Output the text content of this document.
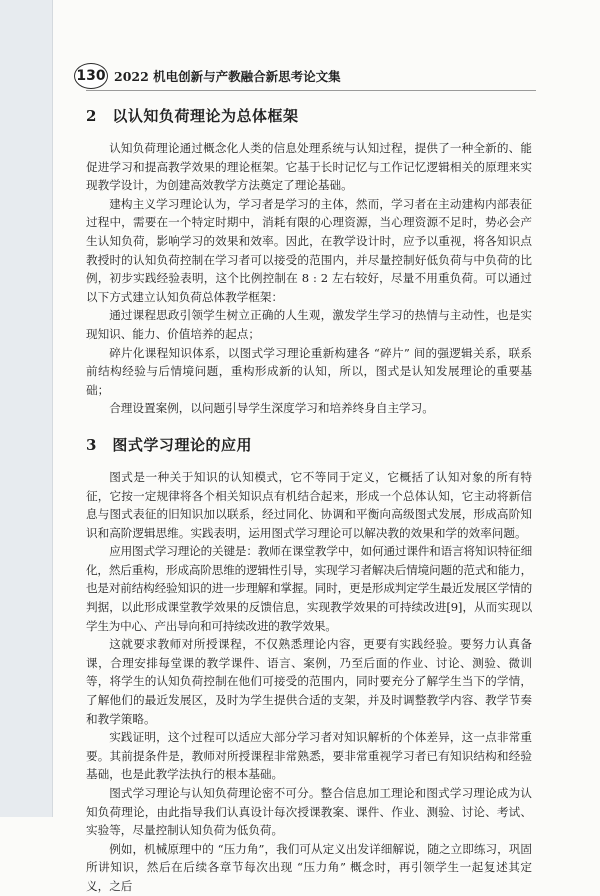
130 2022 机电创新与产教融合新思考论文集
2　以认知负荷理论为总体框架

认知负荷理论通过概念化人类的信息处理系统与认知过程，提供了一种全新的、能促进学习和提高教学效果的理论框架。它基于长时记忆与工作记忆逻辑相关的原理来实现教学设计，为创建高效教学方法奠定了理论基础。

建构主义学习理论认为，学习者是学习的主体，然而，学习者在主动建构内部表征过程中，需要在一个特定时期中，消耗有限的心理资源，当心理资源不足时，势必会产生认知负荷，影响学习的效果和效率。因此，在教学设计时，应予以重视，将各知识点教授时的认知负荷控制在学习者可以接受的范围内，并尽量控制好低负荷与中负荷的比例，初步实践经验表明，这个比例控制在 8 : 2 左右较好，尽量不用重负荷。可以通过以下方式建立认知负荷总体教学框架：

通过课程思政引领学生树立正确的人生观，激发学生学习的热情与主动性，也是实现知识、能力、价值培养的起点；

碎片化课程知识体系，以图式学习理论重新构建各 “碎片” 间的强逻辑关系，联系前结构经验与后情境问题，重构形成新的认知，所以，图式是认知发展理论的重要基础；

合理设置案例，以问题引导学生深度学习和培养终身自主学习。

3　图式学习理论的应用

图式是一种关于知识的认知模式，它不等同于定义，它概括了认知对象的所有特征，它按一定规律将各个相关知识点有机结合起来，形成一个总体认知，它主动将新信息与图式表征的旧知识加以联系，经过同化、协调和平衡向高级图式发展，形成高阶知识和高阶逻辑思维。实践表明，运用图式学习理论可以解决教的效果和学的效率问题。

应用图式学习理论的关键是：教师在课堂教学中，如何通过课件和语言将知识特征细化，然后重构，形成高阶思维的逻辑性引导，实现学习者解决后情境问题的范式和能力，也是对前结构经验知识的进一步理解和掌握。同时，更是形成判定学生最近发展区学情的判据，以此形成课堂教学效果的反馈信息，实现教学效果的可持续改进[9]，从而实现以学生为中心、产出导向和可持续改进的教学效果。

这就要求教师对所授课程，不仅熟悉理论内容，更要有实践经验。要努力认真备课，合理安排每堂课的教学课件、语言、案例，乃至后面的作业、讨论、测验、微训等，将学生的认知负荷控制在他们可接受的范围内，同时要充分了解学生当下的学情，了解他们的最近发展区，及时为学生提供合适的支架，并及时调整教学内容、教学节奏和教学策略。

实践证明，这个过程可以适应大部分学习者对知识解析的个体差异，这一点非常重要。其前提条件是，教师对所授课程非常熟悉，要非常重视学习者已有知识结构和经验基础，也是此教学法执行的根本基础。

图式学习理论与认知负荷理论密不可分。整合信息加工理论和图式学习理论成为认知负荷理论，由此指导我们认真设计每次授课教案、课件、作业、测验、讨论、考试、实验等，尽量控制认知负荷为低负荷。

例如，机械原理中的 “压力角”，我们可从定义出发详细解说，随之立即练习，巩固所讲知识，然后在后续各章节每次出现 “压力角” 概念时，再引领学生一起复述其定义，之后
